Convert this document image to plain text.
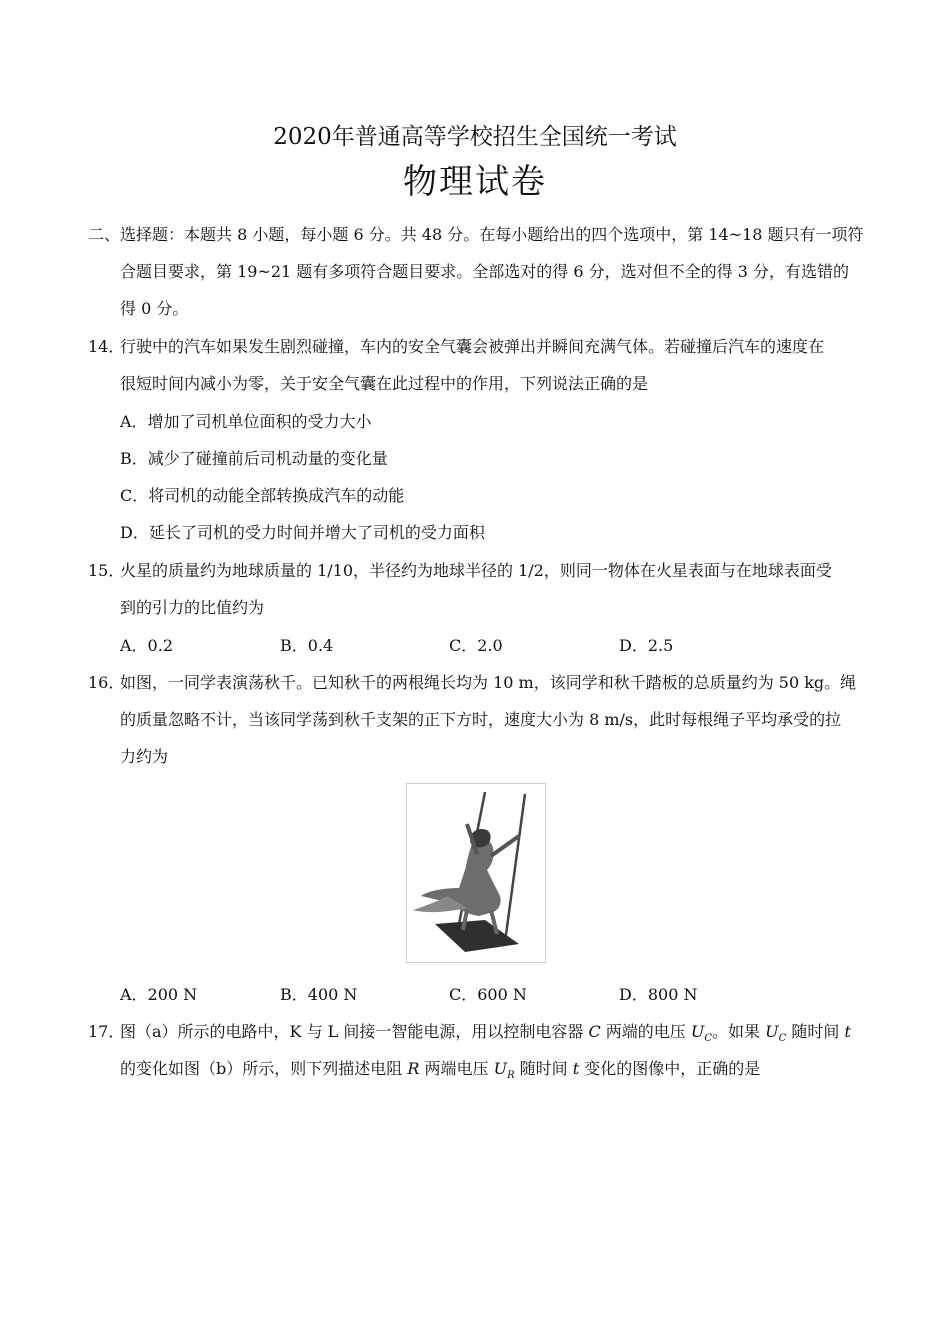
2020年普通高等学校招生全国统一考试
物理试卷
二、选择题：本题共 8 小题，每小题 6 分。共 48 分。在每小题给出的四个选项中，第 14~18 题只有一项符
合题目要求，第 19~21 题有多项符合题目要求。全部选对的得 6 分，选对但不全的得 3 分，有选错的
得 0 分。
14．
行驶中的汽车如果发生剧烈碰撞，车内的安全气囊会被弹出并瞬间充满气体。若碰撞后汽车的速度在
很短时间内减小为零，关于安全气囊在此过程中的作用，下列说法正确的是
A．增加了司机单位面积的受力大小
B．减少了碰撞前后司机动量的变化量
C．将司机的动能全部转换成汽车的动能
D．延长了司机的受力时间并增大了司机的受力面积
15．
火星的质量约为地球质量的 1/10，半径约为地球半径的 1/2，则同一物体在火星表面与在地球表面受
到的引力的比值约为
A．0.2	B．0.4	C．2.0	D．2.5
16．
如图，一同学表演荡秋千。已知秋千的两根绳长均为 10 m，该同学和秋千踏板的总质量约为 50 kg。绳
的质量忽略不计，当该同学荡到秋千支架的正下方时，速度大小为 8 m/s，此时每根绳子平均承受的拉
力约为
A．200 N	B．400 N	C．600 N	D．800 N
17．
图（a）所示的电路中，K 与 L 间接一智能电源，用以控制电容器 C 两端的电压 $U_C$。如果 $U_C$ 随时间 t
的变化如图（b）所示，则下列描述电阻 R 两端电压 $U_R$ 随时间 t 变化的图像中，正确的是
